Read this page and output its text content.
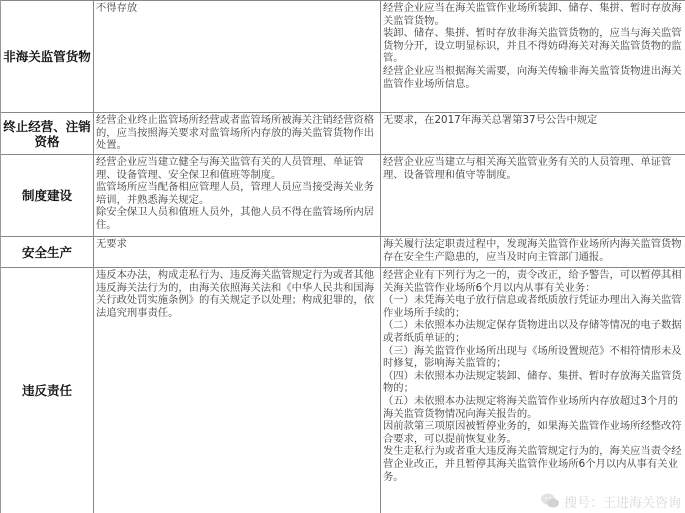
非海关监管货物
不得存放	经营企业应当在海关监管作业场所装卸、储存、集拼、暂时存放海关监管货物。
装卸、储存、集拼、暂时存放非海关监管货物的，应当与海关监管货物分开，设立明显标识，并且不得妨碍海关对海关监管货物的监管。
经营企业应当根据海关需要，向海关传输非海关监管货物进出海关监管作业场所信息。
终止经营、注销资格
经营企业终止监管场所经营或者监管场所被海关注销经营资格的，应当按照海关要求对监管场所内存放的海关监管货物作出处置。
无要求，在2017年海关总署第37号公告中规定
制度建设
经营企业应当建立健全与海关监管有关的人员管理、单证管理、设备管理、安全保卫和值班等制度。
监管场所应当配备相应管理人员，管理人员应当接受海关业务培训，并熟悉海关规定。
除安全保卫人员和值班人员外，其他人员不得在监管场所内居住。
经营企业应当建立与相关海关监管业务有关的人员管理、单证管理、设备管理和值守等制度。
安全生产
无要求	海关履行法定职责过程中，发现海关监管作业场所内海关监管货物存在安全生产隐患的，应当及时向主管部门通报。
违反责任
违反本办法，构成走私行为、违反海关监管规定行为或者其他违反海关法行为的，由海关依照海关法和《中华人民共和国海关行政处罚实施条例》的有关规定予以处理；构成犯罪的，依法追究刑事责任。
经营企业有下列行为之一的，责令改正，给予警告，可以暂停其相关海关监管作业场所6个月以内从事有关业务：
（一）未凭海关电子放行信息或者纸质放行凭证办理出入海关监管作业场所手续的；
（二）未依照本办法规定保存货物进出以及存储等情况的电子数据或者纸质单证的；
（三）海关监管作业场所出现与《场所设置规范》不相符情形未及时修复，影响海关监管的；
（四）未依照本办法规定装卸、储存、集拼、暂时存放海关监管货物的；
（五）未依照本办法规定将海关监管作业场所内存放超过3个月的海关监管货物情况向海关报告的。
因前款第三项原因被暂停业务的，如果海关监管作业场所经整改符合要求，可以提前恢复业务。
发生走私行为或者重大违反海关监管规定行为的，海关应当责令经营企业改正，并且暂停其海关监管作业场所6个月以内从事有关业务。
搜号：王进海关咨询
